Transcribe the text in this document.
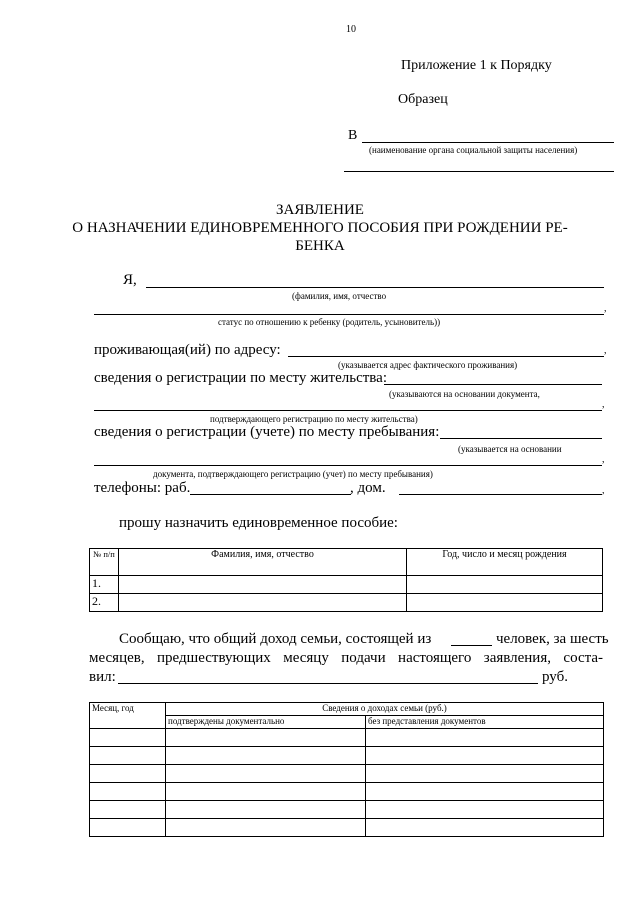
10
Приложение 1 к Порядку
Образец
В
(наименование органа социальной защиты населения)
ЗАЯВЛЕНИЕ
О НАЗНАЧЕНИИ ЕДИНОВРЕМЕННОГО ПОСОБИЯ ПРИ РОЖДЕНИИ РЕ-
БЕНКА
Я,
(фамилия, имя, отчество
,
статус по отношению к ребенку (родитель, усыновитель))
проживающая(ий) по адресу:	,
(указывается адрес фактического проживания)
сведения о регистрации по месту жительства:
(указываются на основании документа,
,
подтверждающего регистрацию по месту жительства)
сведения о регистрации (учете) по месту пребывания:
(указывается на основании
,
документа, подтверждающего регистрацию (учет) по месту пребывания)
телефоны: раб.	, дом.	,
прошу назначить единовременное пособие:
№ п/п	Фамилия, имя, отчество	Год, число и месяц рождения
1.		
2.		
Сообщаю, что общий доход семьи, состоящей из	человек, за шесть
месяцев, предшествующих месяцу подачи настоящего заявления, соста-
вил:	руб.
Месяц, год	Сведения о доходах семьи (руб.)	
	подтверждены документально	без представления документов
